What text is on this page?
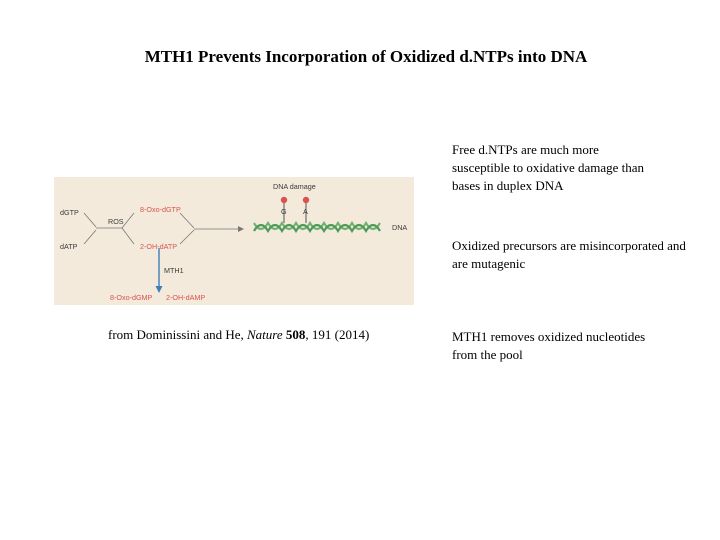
MTH1 Prevents Incorporation of Oxidized d.NTPs into DNA
dGTP
dATP
ROS
8-Oxo-dGTP
2-OH-dATP
MTH1
8-Oxo-dGMP 2-OH-dAMP
DNA damage
G A
DNA
from Dominissini and He, Nature 508, 191 (2014)
Free d.NTPs are much more susceptible to oxidative damage than bases in duplex DNA
Oxidized precursors are misincorporated and are mutagenic
MTH1 removes oxidized nucleotides from the pool
